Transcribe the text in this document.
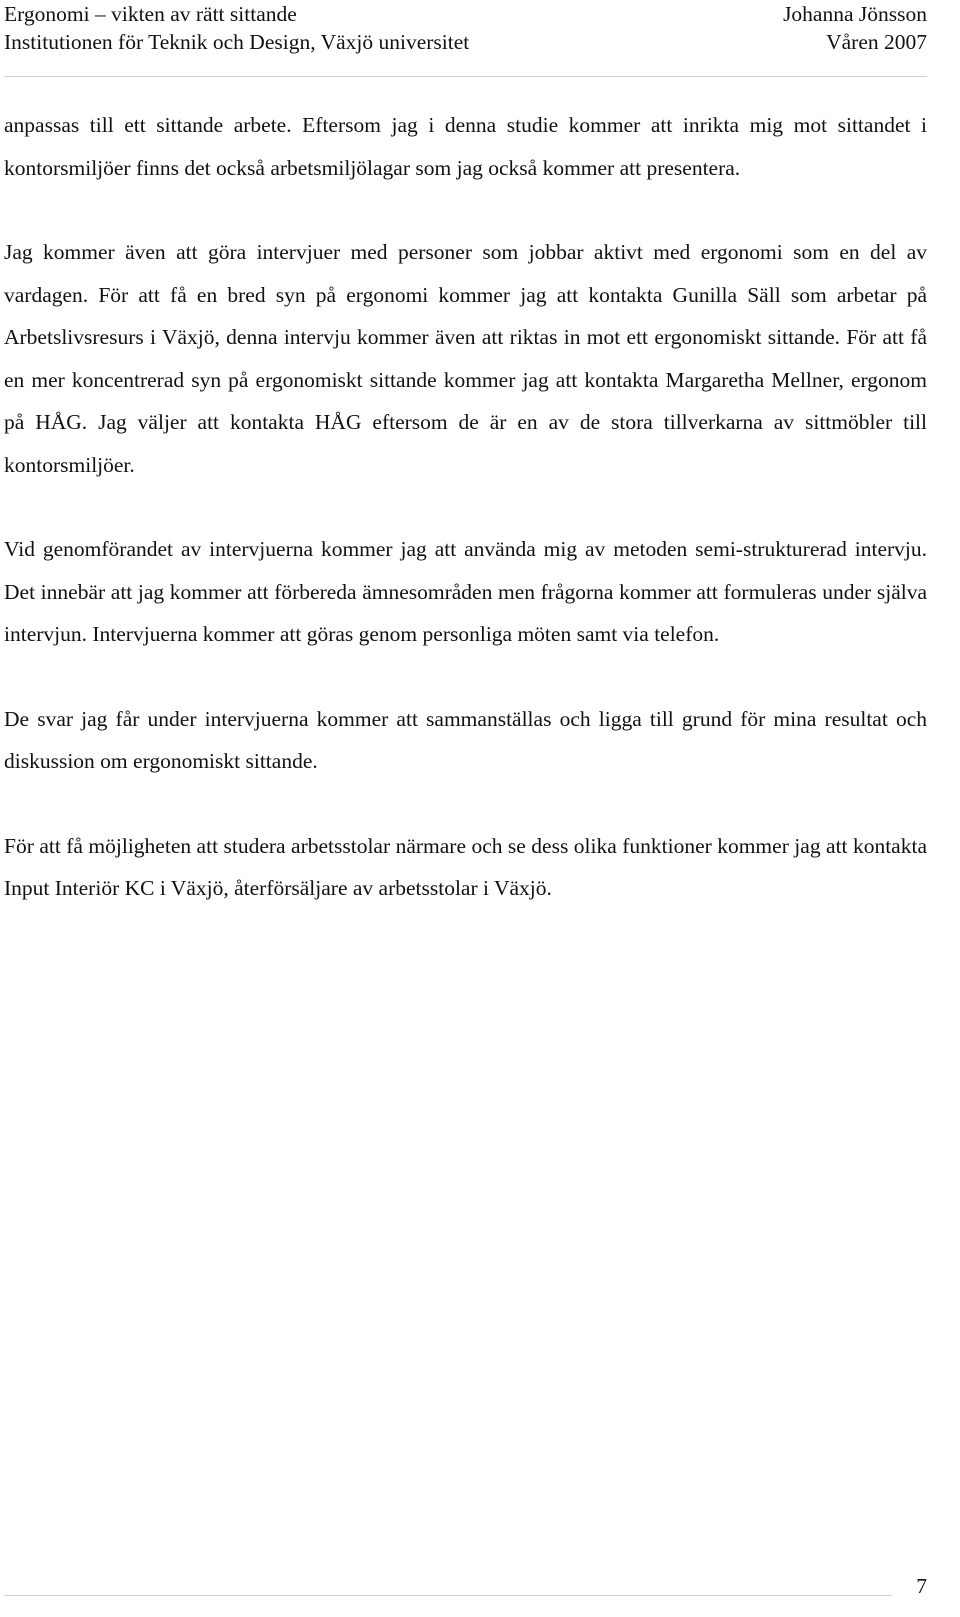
Ergonomi – vikten av rätt sittande	Johanna Jönsson
Institutionen för Teknik och Design, Växjö universitet	Våren 2007

anpassas till ett sittande arbete. Eftersom jag i denna studie kommer att inrikta mig mot sittandet i kontorsmiljöer finns det också arbetsmiljölagar som jag också kommer att presentera.

Jag kommer även att göra intervjuer med personer som jobbar aktivt med ergonomi som en del av vardagen. För att få en bred syn på ergonomi kommer jag att kontakta Gunilla Säll som arbetar på Arbetslivsresurs i Växjö, denna intervju kommer även att riktas in mot ett ergonomiskt sittande. För att få en mer koncentrerad syn på ergonomiskt sittande kommer jag att kontakta Margaretha Mellner, ergonom på HÅG. Jag väljer att kontakta HÅG eftersom de är en av de stora tillverkarna av sittmöbler till kontorsmiljöer.

Vid genomförandet av intervjuerna kommer jag att använda mig av metoden semi-strukturerad intervju. Det innebär att jag kommer att förbereda ämnesområden men frågorna kommer att formuleras under själva intervjun. Intervjuerna kommer att göras genom personliga möten samt via telefon.

De svar jag får under intervjuerna kommer att sammanställas och ligga till grund för mina resultat och diskussion om ergonomiskt sittande.

För att få möjligheten att studera arbetsstolar närmare och se dess olika funktioner kommer jag att kontakta Input Interiör KC i Växjö, återförsäljare av arbetsstolar i Växjö.

7
